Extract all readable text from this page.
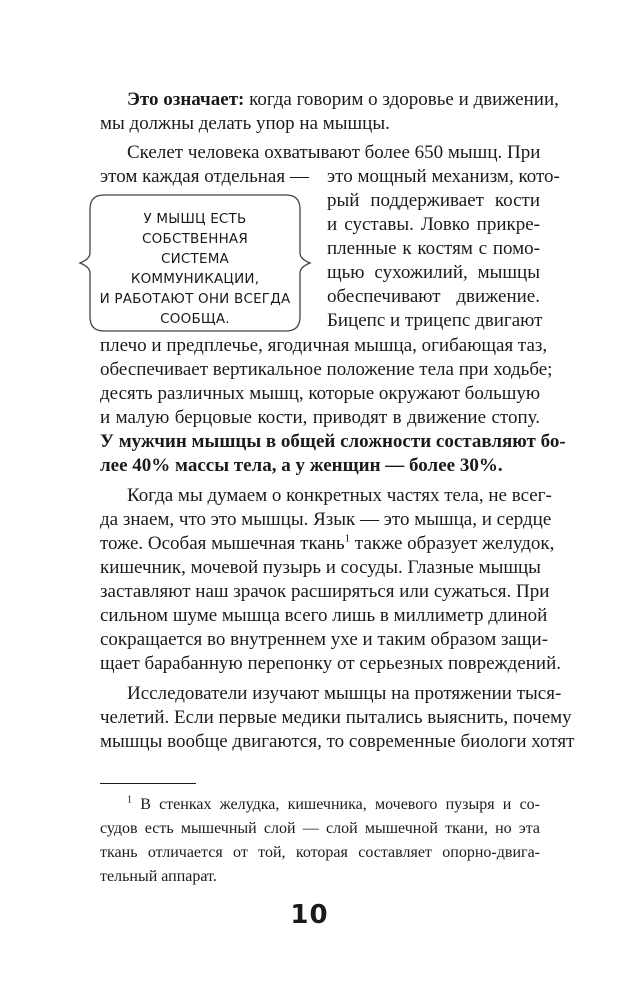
Это означает: когда говорим о здоровье и движении,
мы должны делать упор на мышцы.
Скелет человека охватывают более 650 мышц. При
этом каждая отдельная — это мощный механизм, кото-
рый поддерживает кости
и суставы. Ловко прикре-
пленные к костям с помо-
щью сухожилий, мышцы
обеспечивают движение.
Бицепс и трицепс двигают
плечо и предплечье, ягодичная мышца, огибающая таз,
обеспечивает вертикальное положение тела при ходьбе;
десять различных мышц, которые окружают большую
и малую берцовые кости, приводят в движение стопу.
У мужчин мышцы в общей сложности составляют бо-
лее 40% массы тела, а у женщин — более 30%.
Когда мы думаем о конкретных частях тела, не всег-
да знаем, что это мышцы. Язык — это мышца, и сердце
тоже. Особая мышечная ткань$^1$ также образует желудок,
кишечник, мочевой пузырь и сосуды. Глазные мышцы
заставляют наш зрачок расширяться или сужаться. При
сильном шуме мышца всего лишь в миллиметр длиной
сокращается во внутреннем ухе и таким образом защи-
щает барабанную перепонку от серьезных повреждений.
Исследователи изучают мышцы на протяжении тыся-
челетий. Если первые медики пытались выяснить, почему
мышцы вообще двигаются, то современные биологи хотят
У МЫШЦ ЕСТЬ
СОБСТВЕННАЯ
СИСТЕМА
КОММУНИКАЦИИ,
И РАБОТАЮТ ОНИ ВСЕГДА
СООБЩА.
$^1$ В стенках желудка, кишечника, мочевого пузыря и со-
судов есть мышечный слой — слой мышечной ткани, но эта
ткань отличается от той, которая составляет опорно-двига-
тельный аппарат.
10
